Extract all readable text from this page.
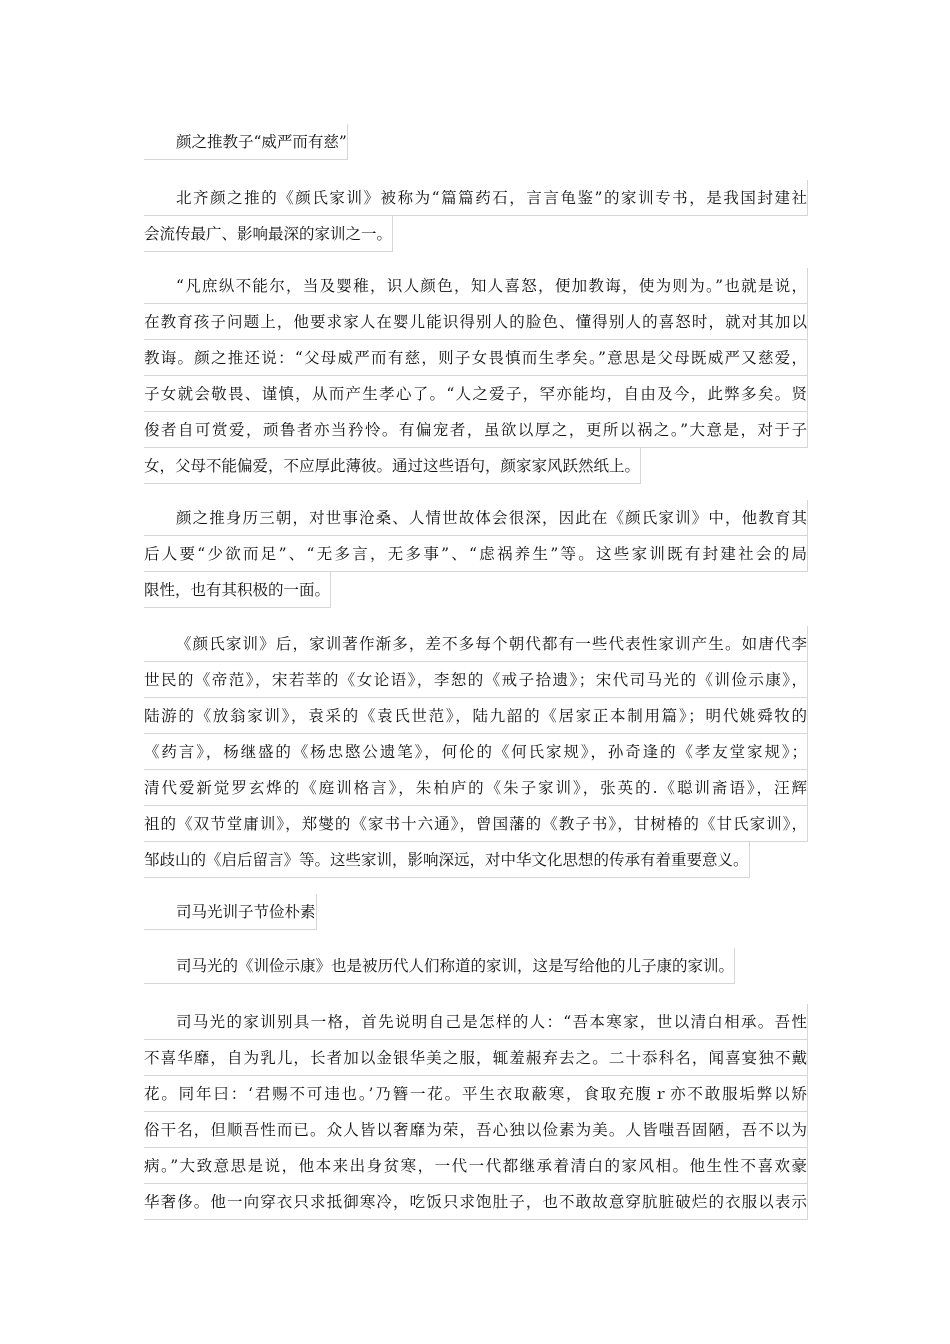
颜之推教子“威严而有慈”
北齐颜之推的《颜氏家训》被称为“篇篇药石，言言龟鉴”的家训专书，是我国封建社
会流传最广、影响最深的家训之一。
“凡庶纵不能尔，当及婴稚，识人颜色，知人喜怒，便加教诲，使为则为。”也就是说，
在教育孩子问题上，他要求家人在婴儿能识得别人的脸色、懂得别人的喜怒时，就对其加以
教诲。颜之推还说：“父母威严而有慈，则子女畏慎而生孝矣。”意思是父母既威严又慈爱，
子女就会敬畏、谨慎，从而产生孝心了。“人之爱子，罕亦能均，自由及今，此弊多矣。贤
俊者自可赏爱，顽鲁者亦当矜怜。有偏宠者，虽欲以厚之，更所以祸之。”大意是，对于子
女，父母不能偏爱，不应厚此薄彼。通过这些语句，颜家家风跃然纸上。
颜之推身历三朝，对世事沧桑、人情世故体会很深，因此在《颜氏家训》中，他教育其
后人要“少欲而足”、“无多言，无多事”、“虑祸养生”等。这些家训既有封建社会的局
限性，也有其积极的一面。
《颜氏家训》后，家训著作渐多，差不多每个朝代都有一些代表性家训产生。如唐代李
世民的《帝范》，宋若莘的《女论语》，李恕的《戒子拾遗》；宋代司马光的《训俭示康》，
陆游的《放翁家训》，袁采的《袁氏世范》，陆九韶的《居家正本制用篇》；明代姚舜牧的
《药言》，杨继盛的《杨忠愍公遗笔》，何伦的《何氏家规》，孙奇逢的《孝友堂家规》；
清代爱新觉罗玄烨的《庭训格言》，朱柏庐的《朱子家训》，张英的.《聪训斋语》，汪辉
祖的《双节堂庸训》，郑燮的《家书十六通》，曾国藩的《教子书》，甘树椿的《甘氏家训》，
邹歧山的《启后留言》等。这些家训，影响深远，对中华文化思想的传承有着重要意义。
司马光训子节俭朴素
司马光的《训俭示康》也是被历代人们称道的家训，这是写给他的儿子康的家训。
司马光的家训别具一格，首先说明自己是怎样的人：“吾本寒家，世以清白相承。吾性
不喜华靡，自为乳儿，长者加以金银华美之服，辄羞赧弃去之。二十忝科名，闻喜宴独不戴
花。同年曰：‘君赐不可违也。’乃簪一花。平生衣取蔽寒，食取充腹ｒ亦不敢服垢弊以矫
俗干名，但顺吾性而已。众人皆以奢靡为荣，吾心独以俭素为美。人皆嗤吾固陋，吾不以为
病。”大致意思是说，他本来出身贫寒，一代一代都继承着清白的家风相。他生性不喜欢豪
华奢侈。他一向穿衣只求抵御寒冷，吃饭只求饱肚子，也不敢故意穿肮脏破烂的衣服以表示
